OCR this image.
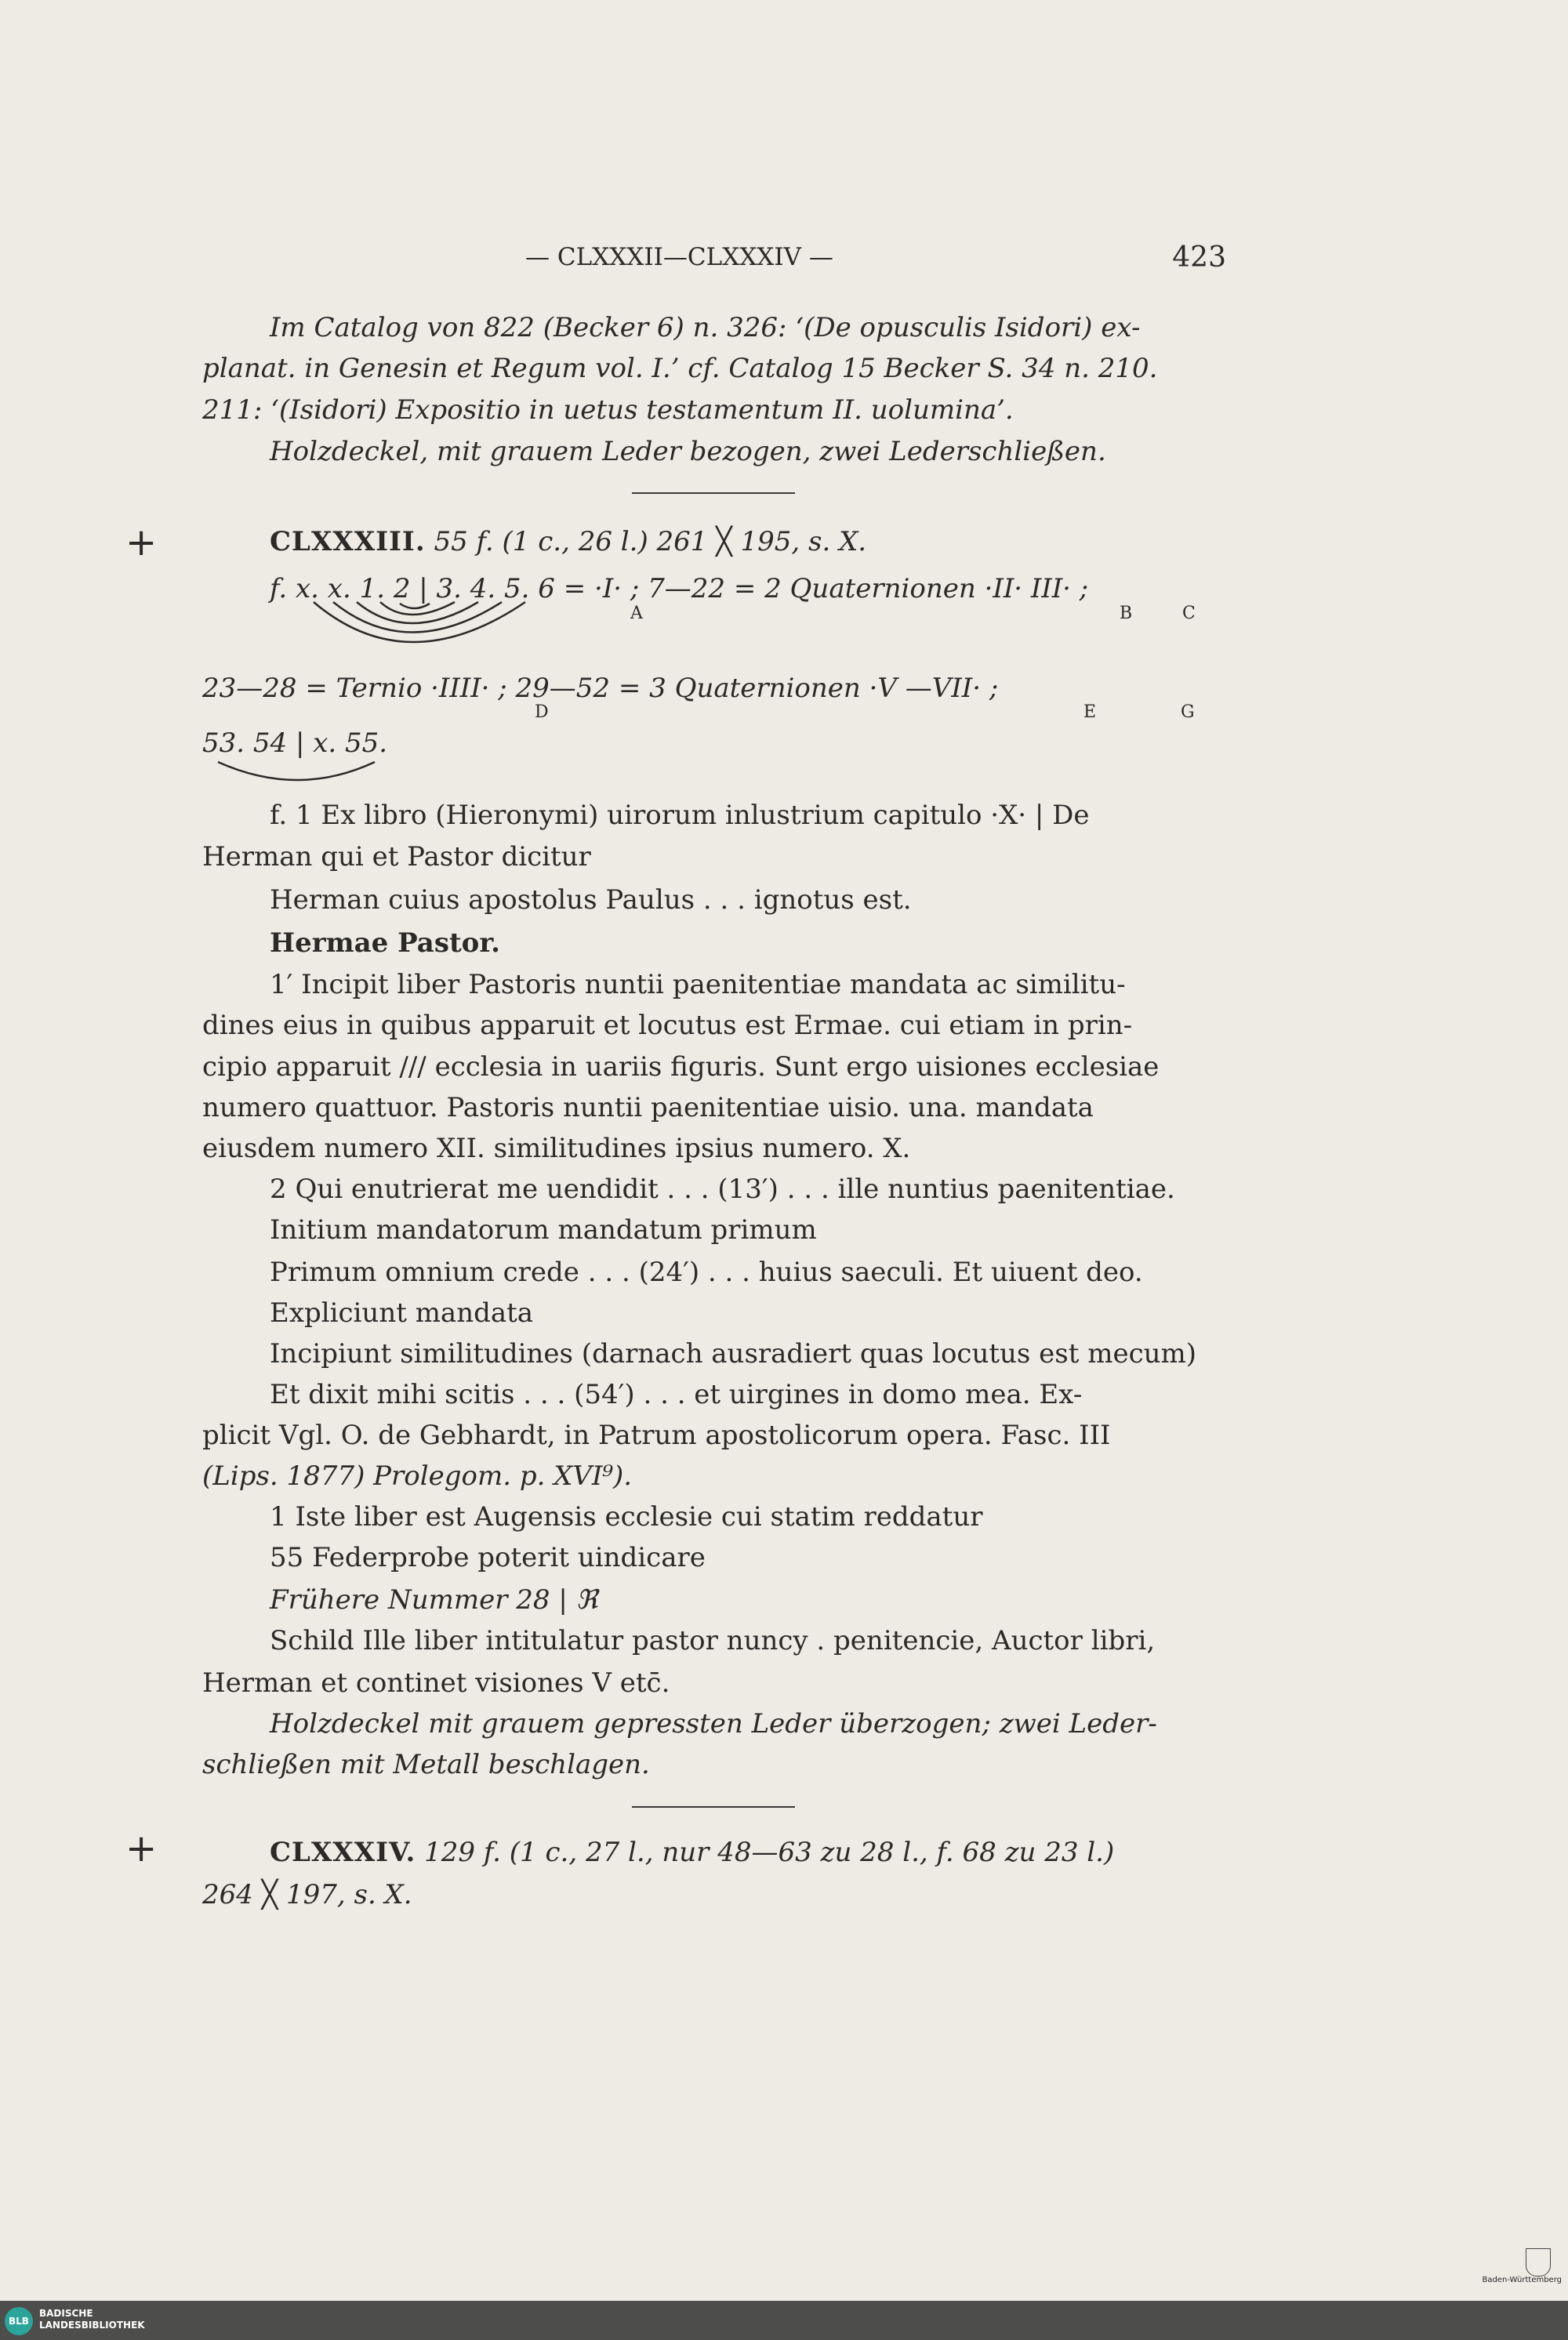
— CLXXXII—CLXXXIV —	423
Im Catalog von 822 (Becker 6) n. 326: ‘(De opusculis Isidori) ex-
planat. in Genesin et Regum vol. I.’ cf. Catalog 15 Becker S. 34 n. 210.
211: ‘(Isidori) Expositio in uetus testamentum II. uolumina’.
Holzdeckel, mit grauem Leder bezogen, zwei Lederschließen.
+	CLXXXIII. 55 f. (1 c., 26 l.) 261 ╳ 195, s. X.
f. x. x. 1. 2 | 3. 4. 5. 6 = ·I· ; 7—22 = 2 Quaternionen ·II· III· ;
A	B	C
23—28 = Ternio ·IIII· ; 29—52 = 3 Quaternionen ·V —VII· ;
D	E	G
53. 54 | x. 55.
f. 1 Ex libro (Hieronymi) uirorum inlustrium capitulo ·X· | De
Herman qui et Pastor dicitur
Herman cuius apostolus Paulus . . . ignotus est.
Hermae Pastor.
1′ Incipit liber Pastoris nuntii paenitentiae mandata ac similitu-
dines eius in quibus apparuit et locutus est Ermae. cui etiam in prin-
cipio apparuit /// ecclesia in uariis figuris. Sunt ergo uisiones ecclesiae
numero quattuor. Pastoris nuntii paenitentiae uisio. una. mandata
eiusdem numero XII. similitudines ipsius numero. X.
2 Qui enutrierat me uendidit . . . (13′) . . . ille nuntius paenitentiae.
Initium mandatorum mandatum primum
Primum omnium crede . . . (24′) . . . huius saeculi. Et uiuent deo.
Expliciunt mandata
Incipiunt similitudines (darnach ausradiert quas locutus est mecum)
Et dixit mihi scitis . . . (54′) . . . et uirgines in domo mea. Ex-
plicit Vgl. O. de Gebhardt, in Patrum apostolicorum opera. Fasc. III
(Lips. 1877) Prolegom. p. XVI⁹).
1 Iste liber est Augensis ecclesie cui statim reddatur
55 Federprobe poterit uindicare
Frühere Nummer 28 | ℜ
Schild Ille liber intitulatur pastor nuncy . penitencie, Auctor libri,
Herman et continet visiones V etc̄.
Holzdeckel mit grauem gepressten Leder überzogen; zwei Leder-
schließen mit Metall beschlagen.
+	CLXXXIV. 129 f. (1 c., 27 l., nur 48—63 zu 28 l., f. 68 zu 23 l.)
264 ╳ 197, s. X.
Baden-Württemberg
BLB
BADISCHE
LANDESBIBLIOTHEK
